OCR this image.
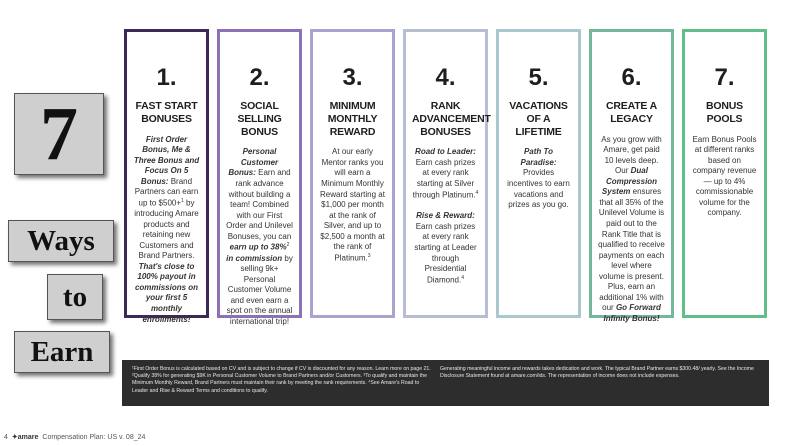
7
Ways
to
Earn
1.
FAST START BONUSES
First Order Bonus, Me & Three Bonus and Focus On 5 Bonus: Brand Partners can earn up to $500+$^1$ by introducing Amare products and retaining new Customers and Brand Partners. That's close to 100% payout in commissions on your first 5 monthly enrollments!
2.
SOCIAL SELLING BONUS
Personal Customer Bonus: Earn and rank advance without building a team! Combined with our First Order and Unilevel Bonuses, you can earn up to 38%$^2$ in commission by selling 9k+ Personal Customer Volume and even earn a spot on the annual international trip!
3.
MINIMUM MONTHLY REWARD
At our early Mentor ranks you will earn a Minimum Monthly Reward starting at $1,000 per month at the rank of Silver, and up to $2,500 a month at the rank of Platinum.$^3$
4.
RANK ADVANCEMENT BONUSES
Road to Leader: Earn cash prizes at every rank starting at Silver through Platinum.$^4$

Rise & Reward: Earn cash prizes at every rank starting at Leader through Presidential Diamond.$^4$
5.
VACATIONS OF A LIFETIME
Path To Paradise: Provides incentives to earn vacations and prizes as you go.
6.
CREATE A LEGACY
As you grow with Amare, get paid 10 levels deep. Our Dual Compression System ensures that all 35% of the Unilevel Volume is paid out to the Rank Title that is qualified to receive payments on each level where volume is present. Plus, earn an additional 1% with our Go Forward Infinity Bonus!
7.
BONUS POOLS
Earn Bonus Pools at different ranks based on company revenue — up to 4% commissionable volume for the company.
¹First Order Bonus is calculated based on CV and is subject to change if CV is discounted for any reason. Learn more on page 21. ²Qualify 38% for generating $9K in Personal Customer Volume to Brand Partners and/or Customers. ³To qualify and maintain the Minimum Monthly Reward, Brand Partners must maintain their rank by meeting the rank requirements. ⁴See Amare's Road to Leader and Rise & Reward Terms and conditions to qualify.
Generating meaningful income and rewards takes dedication and work. The typical Brand Partner earns $300.48/ yearly. See the Income Disclosure Statement found at amare.com/ids. The representation of income does not include expenses.
4 ✦amare Compensation Plan: US v. 08_24
